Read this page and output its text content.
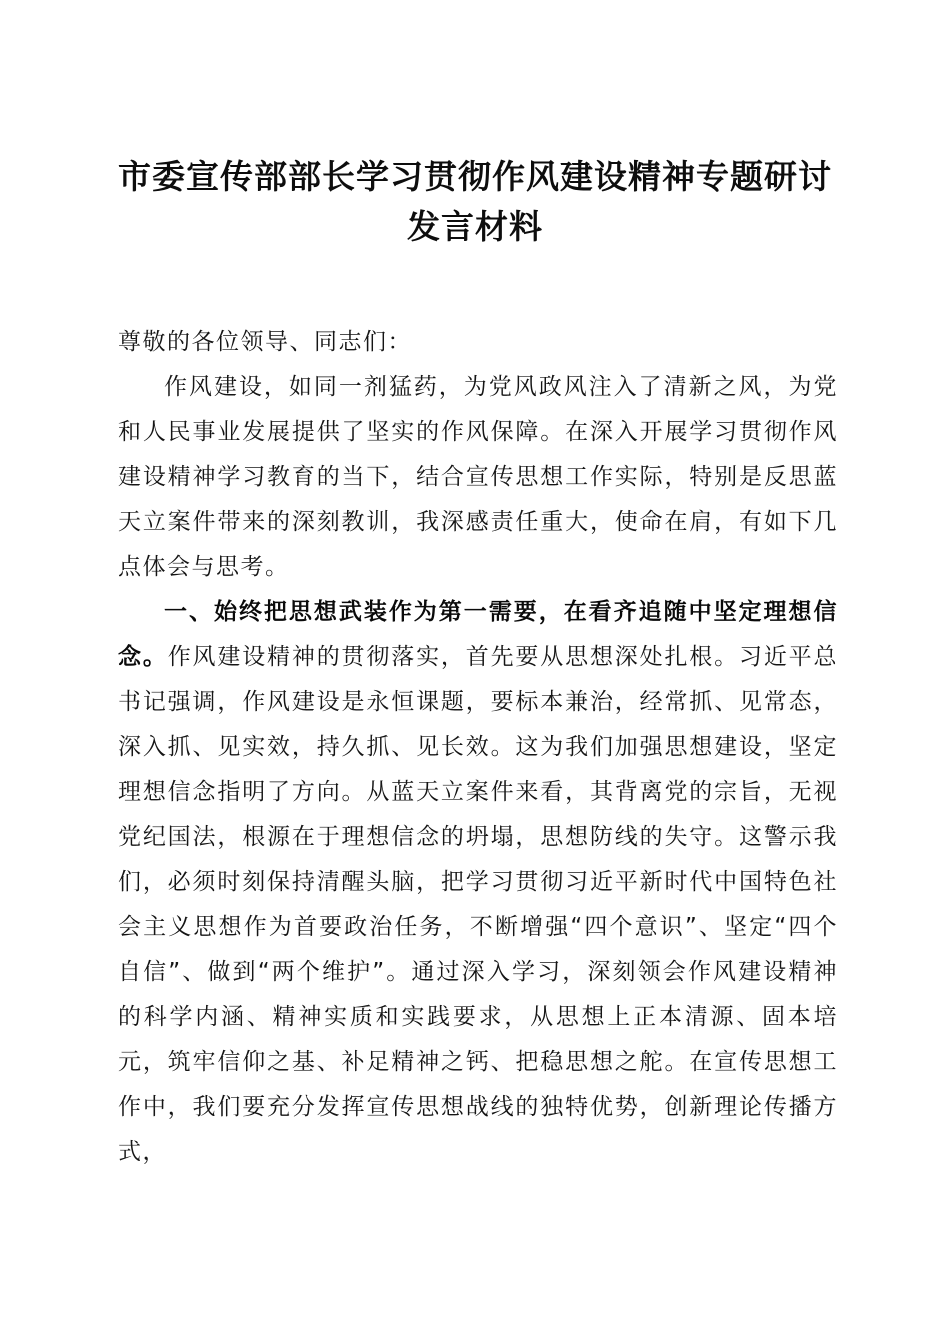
市委宣传部部长学习贯彻作风建设精神专题研讨发言材料

尊敬的各位领导、同志们：

作风建设，如同一剂猛药，为党风政风注入了清新之风，为党和人民事业发展提供了坚实的作风保障。在深入开展学习贯彻作风建设精神学习教育的当下，结合宣传思想工作实际，特别是反思蓝天立案件带来的深刻教训，我深感责任重大，使命在肩，有如下几点体会与思考。

一、始终把思想武装作为第一需要，在看齐追随中坚定理想信念。作风建设精神的贯彻落实，首先要从思想深处扎根。习近平总书记强调，作风建设是永恒课题，要标本兼治，经常抓、见常态，深入抓、见实效，持久抓、见长效。这为我们加强思想建设，坚定理想信念指明了方向。从蓝天立案件来看，其背离党的宗旨，无视党纪国法，根源在于理想信念的坍塌，思想防线的失守。这警示我们，必须时刻保持清醒头脑，把学习贯彻习近平新时代中国特色社会主义思想作为首要政治任务，不断增强“四个意识”、坚定“四个自信”、做到“两个维护”。通过深入学习，深刻领会作风建设精神的科学内涵、精神实质和实践要求，从思想上正本清源、固本培元，筑牢信仰之基、补足精神之钙、把稳思想之舵。在宣传思想工作中，我们要充分发挥宣传思想战线的独特优势，创新理论传播方式，
